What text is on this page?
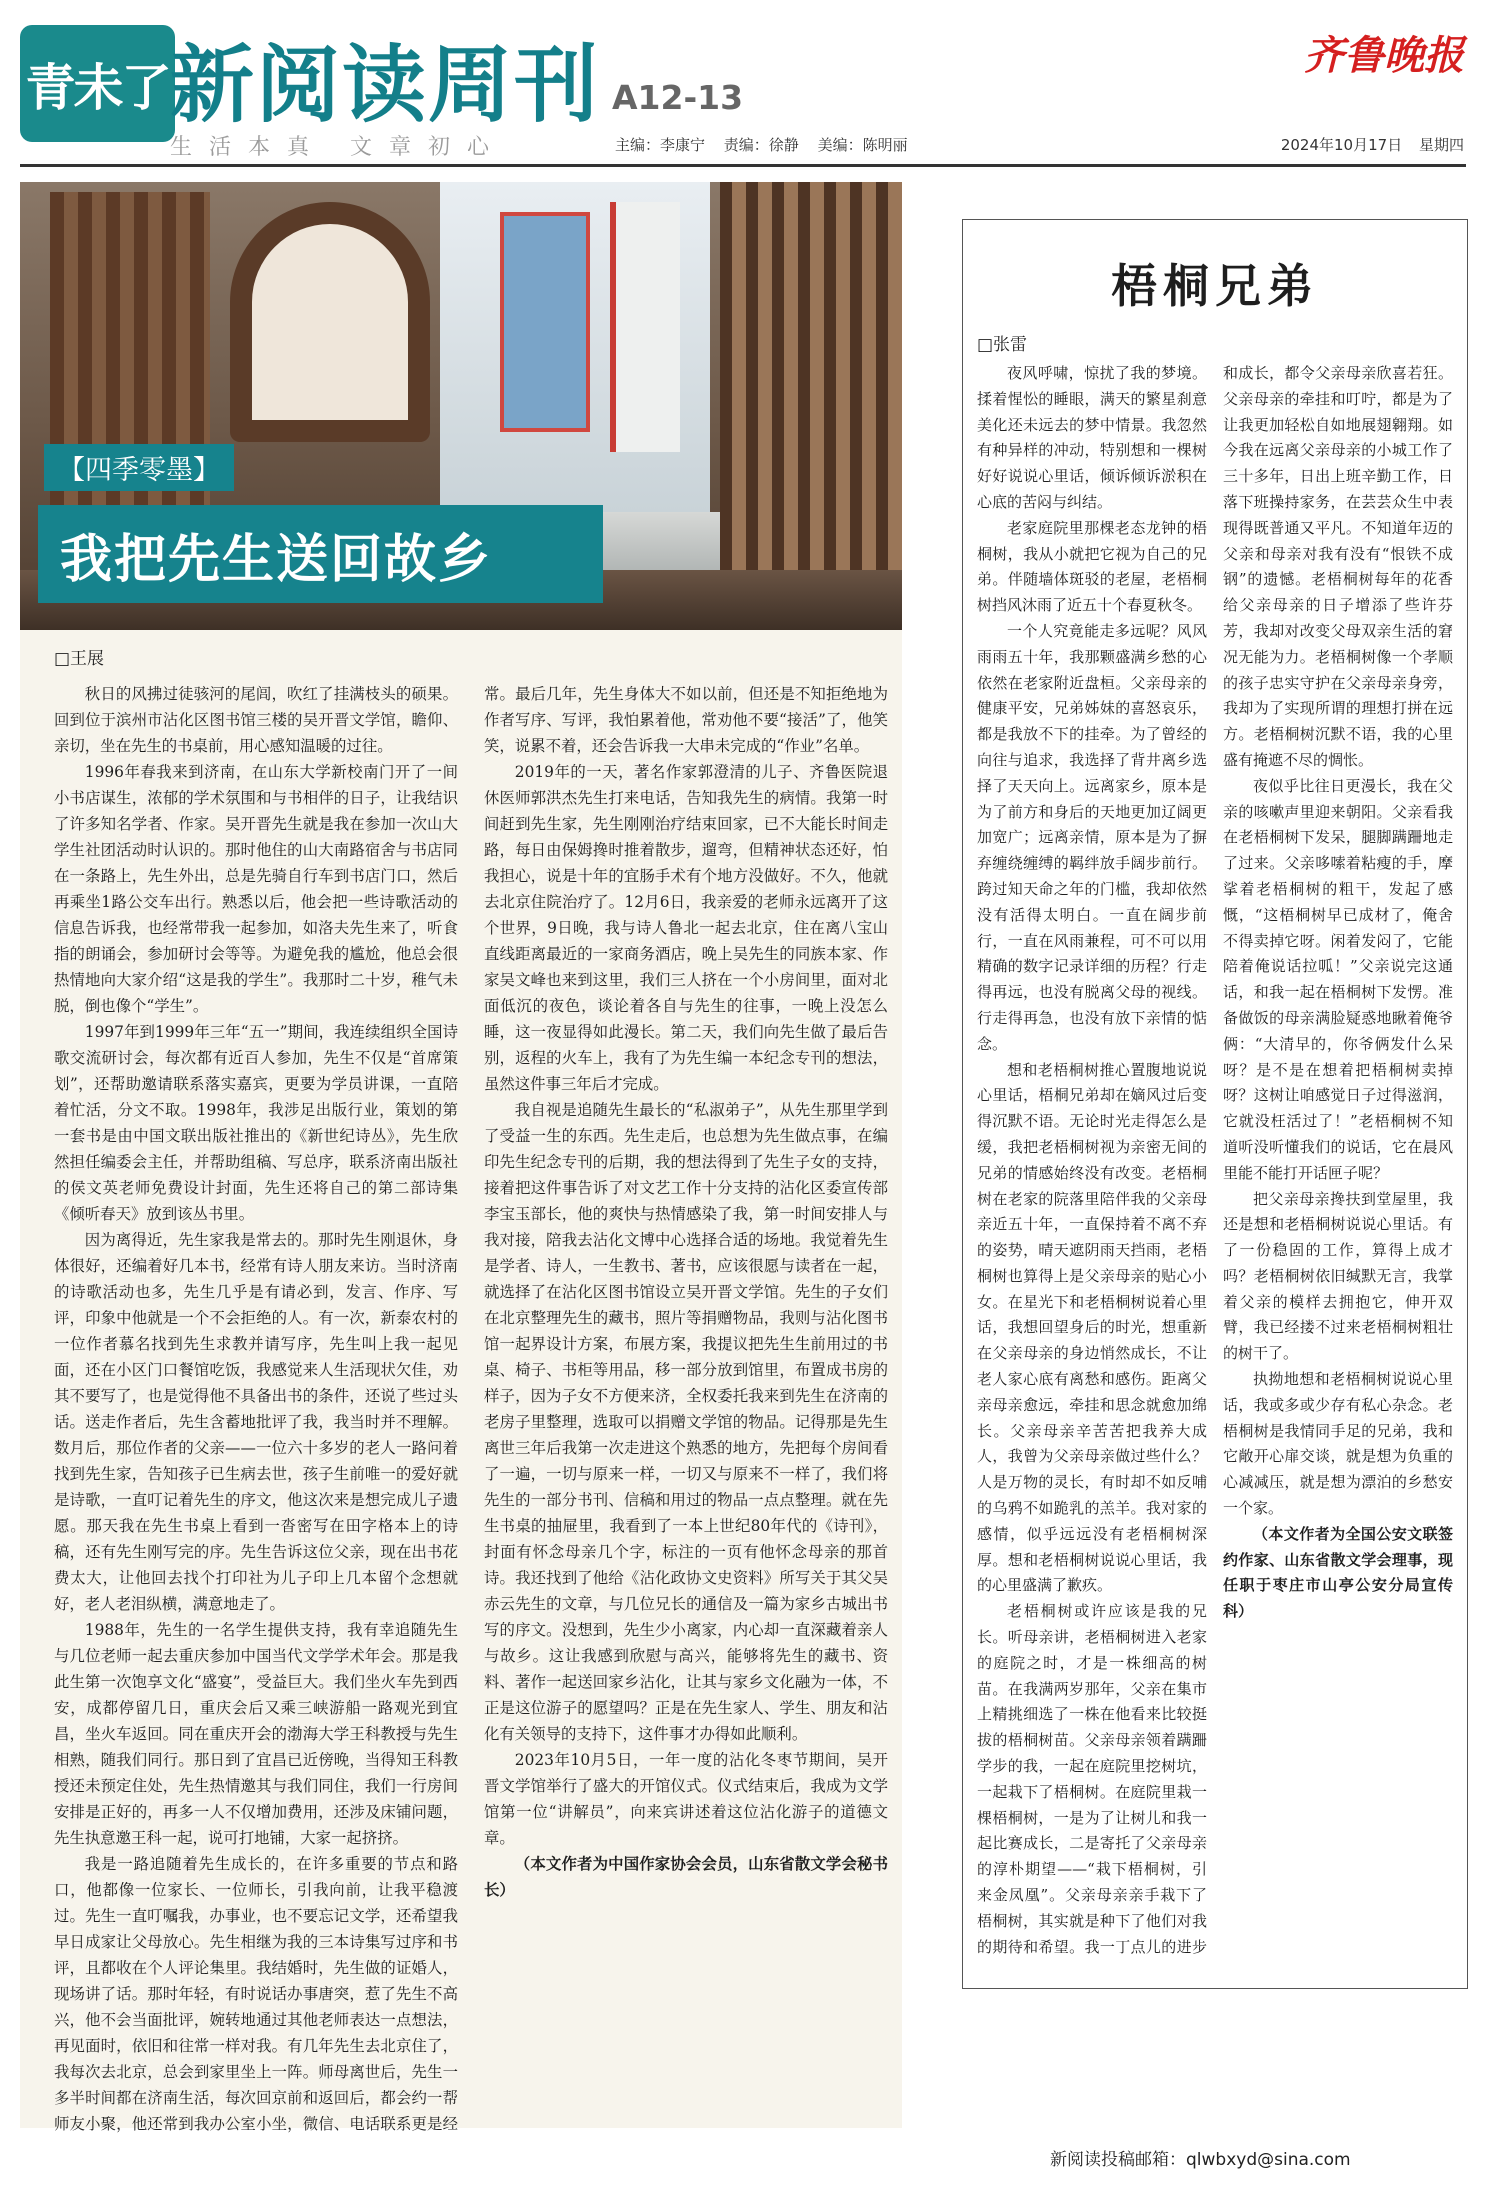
青未了 新阅读周刊 A12-13
齐鲁晚报
生活本真 文章初心	主编：李康宁 责编：徐静 美编：陈明丽	2024年10月17日 星期四
【四季零墨】
我把先生送回故乡
□王展

秋日的风拂过徒骇河的尾闾，吹红了挂满枝头的硕果。回到位于滨州市沾化区图书馆三楼的吴开晋文学馆，瞻仰、亲切，坐在先生的书桌前，用心感知温暖的过往。

1996年春我来到济南，在山东大学新校南门开了一间小书店谋生，浓郁的学术氛围和与书相伴的日子，让我结识了许多知名学者、作家。吴开晋先生就是我在参加一次山大学生社团活动时认识的。那时他住的山大南路宿舍与书店同在一条路上，先生外出，总是先骑自行车到书店门口，然后再乘坐1路公交车出行。熟悉以后，他会把一些诗歌活动的信息告诉我，也经常带我一起参加，如洛夫先生来了，听食指的朗诵会，参加研讨会等等。为避免我的尴尬，他总会很热情地向大家介绍“这是我的学生”。我那时二十岁，稚气未脱，倒也像个“学生”。

1997年到1999年三年“五一”期间，我连续组织全国诗歌交流研讨会，每次都有近百人参加，先生不仅是“首席策划”，还帮助邀请联系落实嘉宾，更要为学员讲课，一直陪着忙活，分文不取。1998年，我涉足出版行业，策划的第一套书是由中国文联出版社推出的《新世纪诗丛》，先生欣然担任编委会主任，并帮助组稿、写总序，联系济南出版社的侯文英老师免费设计封面，先生还将自己的第二部诗集《倾听春天》放到该丛书里。

因为离得近，先生家我是常去的。那时先生刚退休，身体很好，还编着好几本书，经常有诗人朋友来访。当时济南的诗歌活动也多，先生几乎是有请必到，发言、作序、写评，印象中他就是一个不会拒绝的人。有一次，新泰农村的一位作者慕名找到先生求教并请写序，先生叫上我一起见面，还在小区门口餐馆吃饭，我感觉来人生活现状欠佳，劝其不要写了，也是觉得他不具备出书的条件，还说了些过头话。送走作者后，先生含蓄地批评了我，我当时并不理解。数月后，那位作者的父亲——一位六十多岁的老人一路问着找到先生家，告知孩子已生病去世，孩子生前唯一的爱好就是诗歌，一直叮记着先生的序文，他这次来是想完成儿子遗愿。那天我在先生书桌上看到一沓密写在田字格本上的诗稿，还有先生刚写完的序。先生告诉这位父亲，现在出书花费太大，让他回去找个打印社为儿子印上几本留个念想就好，老人老泪纵横，满意地走了。

1988年，先生的一名学生提供支持，我有幸追随先生与几位老师一起去重庆参加中国当代文学学术年会。那是我此生第一次饱享文化“盛宴”，受益巨大。我们坐火车先到西安，成都停留几日，重庆会后又乘三峡游船一路观光到宜昌，坐火车返回。同在重庆开会的渤海大学王科教授与先生相熟，随我们同行。那日到了宜昌已近傍晚，当得知王科教授还未预定住处，先生热情邀其与我们同住，我们一行房间安排是正好的，再多一人不仅增加费用，还涉及床铺问题，先生执意邀王科一起，说可打地铺，大家一起挤挤。

我是一路追随着先生成长的，在许多重要的节点和路口，他都像一位家长、一位师长，引我向前，让我平稳渡过。先生一直叮嘱我，办事业，也不要忘记文学，还希望我早日成家让父母放心。先生相继为我的三本诗集写过序和书评，且都收在个人评论集里。我结婚时，先生做的证婚人，现场讲了话。那时年轻，有时说话办事唐突，惹了先生不高兴，他不会当面批评，婉转地通过其他老师表达一点想法，再见面时，依旧和往常一样对我。有几年先生去北京住了，我每次去北京，总会到家里坐上一阵。师母离世后，先生一多半时间都在济南生活，每次回京前和返回后，都会约一帮师友小聚，他还常到我办公室小坐，微信、电话联系更是经常。最后几年，先生身体大不如以前，但还是不知拒绝地为作者写序、写评，我怕累着他，常劝他不要“接活”了，他笑笑，说累不着，还会告诉我一大串未完成的“作业”名单。

2019年的一天，著名作家郭澄清的儿子、齐鲁医院退休医师郭洪杰先生打来电话，告知我先生的病情。我第一时间赶到先生家，先生刚刚治疗结束回家，已不大能长时间走路，每日由保姆搀时推着散步，遛弯，但精神状态还好，怕我担心，说是十年的宜肠手术有个地方没做好。不久，他就去北京住院治疗了。12月6日，我亲爱的老师永远离开了这个世界，9日晚，我与诗人鲁北一起去北京，住在离八宝山直线距离最近的一家商务酒店，晚上吴先生的同族本家、作家吴文峰也来到这里，我们三人挤在一个小房间里，面对北面低沉的夜色，谈论着各自与先生的往事，一晚上没怎么睡，这一夜显得如此漫长。第二天，我们向先生做了最后告别，返程的火车上，我有了为先生编一本纪念专刊的想法，虽然这件事三年后才完成。

我自视是追随先生最长的“私淑弟子”，从先生那里学到了受益一生的东西。先生走后，也总想为先生做点事，在编印先生纪念专刊的后期，我的想法得到了先生子女的支持，接着把这件事告诉了对文艺工作十分支持的沾化区委宣传部李宝玉部长，他的爽快与热情感染了我，第一时间安排人与我对接，陪我去沾化文博中心选择合适的场地。我觉着先生是学者、诗人，一生教书、著书，应该很愿与读者在一起，就选择了在沾化区图书馆设立吴开晋文学馆。先生的子女们在北京整理先生的藏书，照片等捐赠物品，我则与沾化图书馆一起界设计方案，布展方案，我提议把先生生前用过的书桌、椅子、书柜等用品，移一部分放到馆里，布置成书房的样子，因为子女不方便来济，全权委托我来到先生在济南的老房子里整理，选取可以捐赠文学馆的物品。记得那是先生离世三年后我第一次走进这个熟悉的地方，先把每个房间看了一遍，一切与原来一样，一切又与原来不一样了，我们将先生的一部分书刊、信稿和用过的物品一点点整理。就在先生书桌的抽屉里，我看到了一本上世纪80年代的《诗刊》，封面有怀念母亲几个字，标注的一页有他怀念母亲的那首诗。我还找到了他给《沾化政协文史资料》所写关于其父吴赤云先生的文章，与几位兄长的通信及一篇为家乡古城出书写的序文。没想到，先生少小离家，内心却一直深藏着亲人与故乡。这让我感到欣慰与高兴，能够将先生的藏书、资料、著作一起送回家乡沾化，让其与家乡文化融为一体，不正是这位游子的愿望吗？正是在先生家人、学生、朋友和沾化有关领导的支持下，这件事才办得如此顺利。

2023年10月5日，一年一度的沾化冬枣节期间，吴开晋文学馆举行了盛大的开馆仪式。仪式结束后，我成为文学馆第一位“讲解员”，向来宾讲述着这位沾化游子的道德文章。

（本文作者为中国作家协会会员，山东省散文学会秘书长）

梧桐兄弟
□张雷

夜风呼啸，惊扰了我的梦境。揉着惺忪的睡眼，满天的繁星刹意美化还未远去的梦中情景。我忽然有种异样的冲动，特别想和一棵树好好说说心里话，倾诉倾诉淤积在心底的苦闷与纠结。

老家庭院里那棵老态龙钟的梧桐树，我从小就把它视为自己的兄弟。伴随墙体斑驳的老屋，老梧桐树挡风沐雨了近五十个春夏秋冬。

一个人究竟能走多远呢？风风雨雨五十年，我那颗盛满乡愁的心依然在老家附近盘桓。父亲母亲的健康平安，兄弟姊妹的喜怒哀乐，都是我放不下的挂牵。为了曾经的向往与追求，我选择了背井离乡选择了天天向上。远离家乡，原本是为了前方和身后的天地更加辽阔更加宽广；远离亲情，原本是为了摒弃缠绕缠缚的羁绊放手阔步前行。跨过知天命之年的门槛，我却依然没有活得太明白。一直在阔步前行，一直在风雨兼程，可不可以用精确的数字记录详细的历程？行走得再远，也没有脱离父母的视线。行走得再急，也没有放下亲情的惦念。

想和老梧桐树推心置腹地说说心里话，梧桐兄弟却在嫡风过后变得沉默不语。无论时光走得怎么是缓，我把老梧桐树视为亲密无间的兄弟的情感始终没有改变。老梧桐树在老家的院落里陪伴我的父亲母亲近五十年，一直保持着不离不弃的姿势，晴天遮阴雨天挡雨，老梧桐树也算得上是父亲母亲的贴心小女。在星光下和老梧桐树说着心里话，我想回望身后的时光，想重新在父亲母亲的身边悄然成长，不让老人家心底有离愁和感伤。距离父亲母亲愈远，牵挂和思念就愈加绵长。父亲母亲辛苦苦把我养大成人，我曾为父亲母亲做过些什么？人是万物的灵长，有时却不如反哺的乌鸦不如跪乳的羔羊。我对家的感情，似乎远远没有老梧桐树深厚。想和老梧桐树说说心里话，我的心里盛满了歉疚。

老梧桐树或许应该是我的兄长。听母亲讲，老梧桐树进入老家的庭院之时，才是一株细高的树苗。在我满两岁那年，父亲在集市上精挑细选了一株在他看来比较挺拔的梧桐树苗。父亲母亲领着蹒跚学步的我，一起在庭院里挖树坑，一起栽下了梧桐树。在庭院里栽一棵梧桐树，一是为了让树儿和我一起比赛成长，二是寄托了父亲母亲的淳朴期望——“栽下梧桐树，引来金凤凰”。父亲母亲亲手栽下了梧桐树，其实就是种下了他们对我的期待和希望。我一丁点儿的进步和成长，都令父亲母亲欣喜若狂。父亲母亲的牵挂和叮咛，都是为了让我更加轻松自如地展翅翱翔。如今我在远离父亲母亲的小城工作了三十多年，日出上班辛勤工作，日落下班操持家务，在芸芸众生中表现得既普通又平凡。不知道年迈的父亲和母亲对我有没有“恨铁不成钢”的遗憾。老梧桐树每年的花香给父亲母亲的日子增添了些许芬芳，我却对改变父母双亲生活的窘况无能为力。老梧桐树像一个孝顺的孩子忠实守护在父亲母亲身旁，我却为了实现所谓的理想打拼在远方。老梧桐树沉默不语，我的心里盛有掩遮不尽的惆怅。

夜似乎比往日更漫长，我在父亲的咳嗽声里迎来朝阳。父亲看我在老梧桐树下发呆，腿脚蹒跚地走了过来。父亲哆嗦着粘瘦的手，摩挲着老梧桐树的粗干，发起了感慨，“这梧桐树早已成材了，俺舍不得卖掉它呀。闲着发闷了，它能陪着俺说话拉呱！”父亲说完这通话，和我一起在梧桐树下发愣。准备做饭的母亲满脸疑惑地瞅着俺爷俩：“大清早的，你爷俩发什么呆呀？是不是在想着把梧桐树卖掉呀？这树让咱感觉日子过得滋润，它就没枉活过了！”老梧桐树不知道听没听懂我们的说话，它在晨风里能不能打开话匣子呢？

把父亲母亲搀扶到堂屋里，我还是想和老梧桐树说说心里话。有了一份稳固的工作，算得上成才吗？老梧桐树依旧缄默无言，我掌着父亲的模样去拥抱它，伸开双臂，我已经搂不过来老梧桐树粗壮的树干了。

执拗地想和老梧桐树说说心里话，我或多或少存有私心杂念。老梧桐树是我情同手足的兄弟，我和它敞开心扉交谈，就是想为负重的心减减压，就是想为漂泊的乡愁安一个家。

（本文作者为全国公安文联签约作家、山东省散文学会理事，现任职于枣庄市山亭公安分局宣传科）

新阅读投稿邮箱：qlwbxyd@sina.com
